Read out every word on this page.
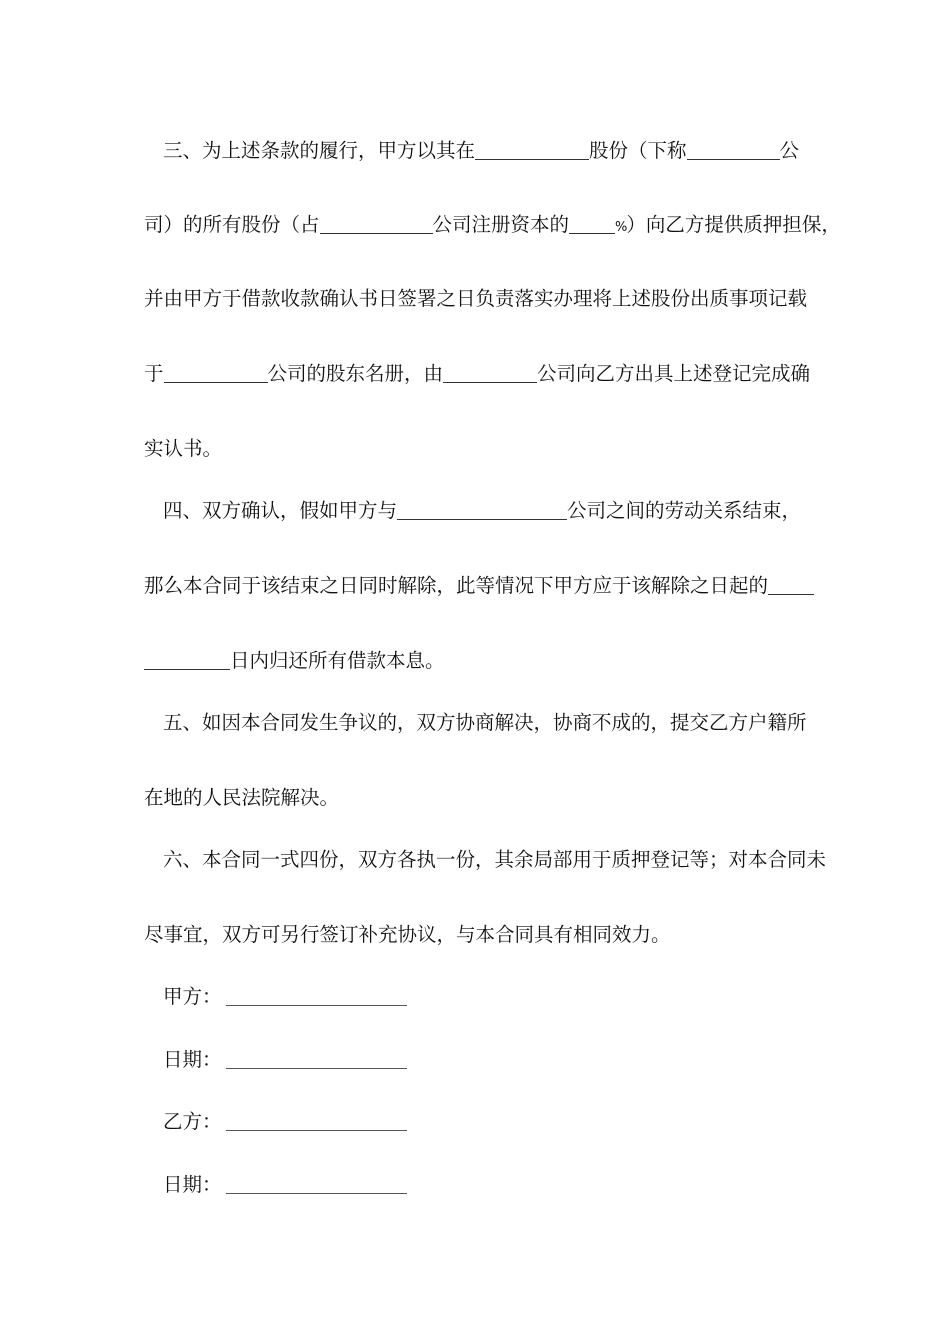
三、为上述条款的履行，甲方以其在	股份（下称	公
司）的所有股份（占	公司注册资本的	%）向乙方提供质押担保，
并由甲方于借款收款确认书日签署之日负责落实办理将上述股份出质事项记载
于	公司的股东名册，由	公司向乙方出具上述登记完成确
实认书。
四、双方确认，假如甲方与	公司之间的劳动关系结束，
那么本合同于该结束之日同时解除，此等情况下甲方应于该解除之日起的
日内归还所有借款本息。
五、如因本合同发生争议的，双方协商解决，协商不成的，提交乙方户籍所
在地的人民法院解决。
六、本合同一式四份，双方各执一份，其余局部用于质押登记等；对本合同未
尽事宜，双方可另行签订补充协议，与本合同具有相同效力。
甲方：
日期：
乙方：
日期：
